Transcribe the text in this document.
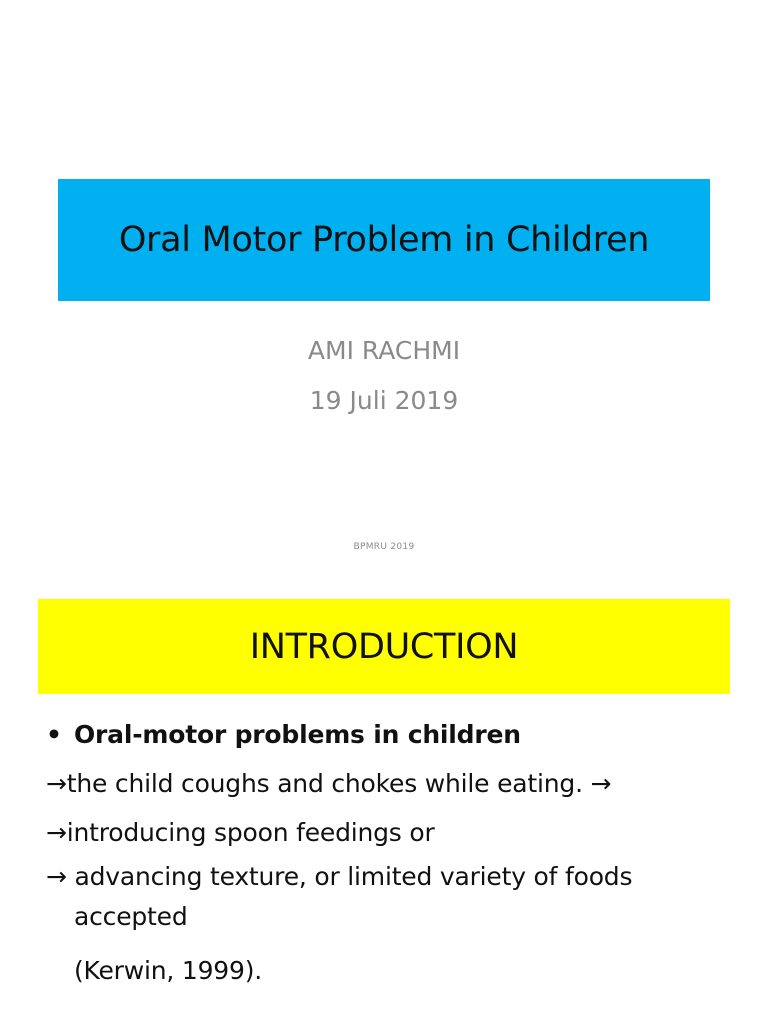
Oral Motor Problem in Children
AMI RACHMI
19 Juli 2019
BPMRU 2019
INTRODUCTION
• Oral-motor problems in children
→the child coughs and chokes while eating. →
→introducing spoon feedings or
→ advancing texture, or limited variety of foods
accepted
(Kerwin, 1999).
